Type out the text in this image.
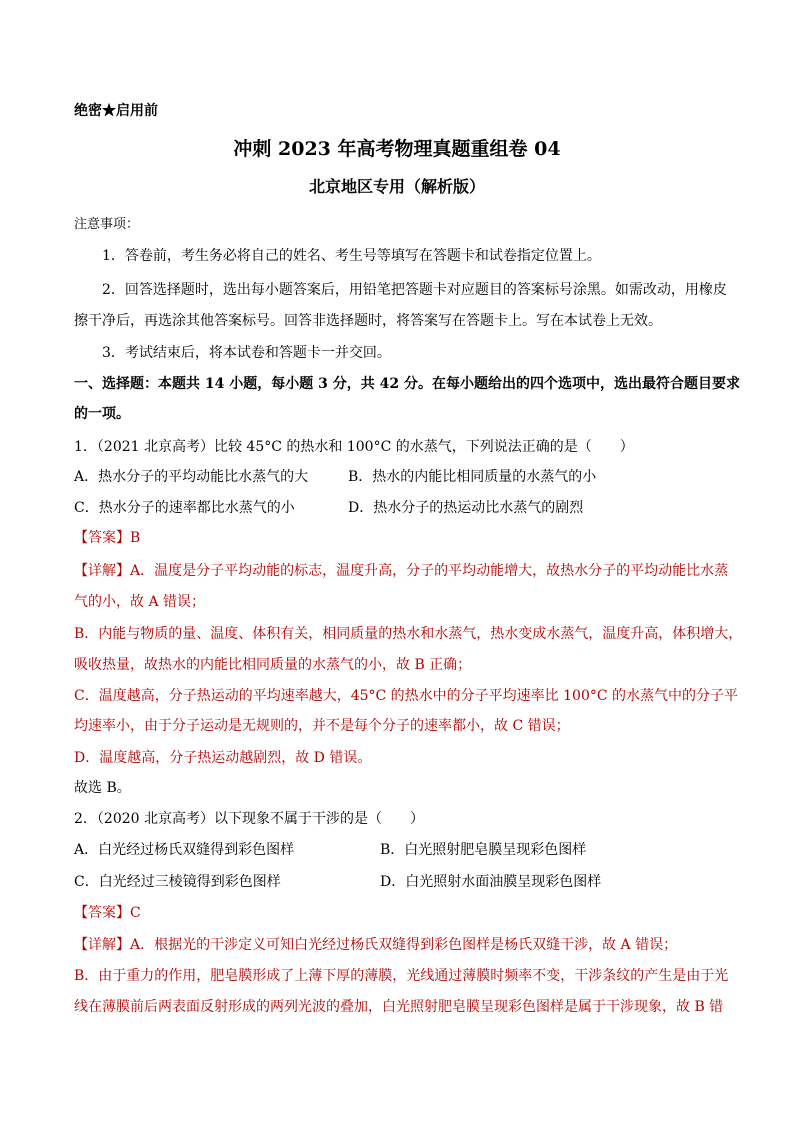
绝密★启用前
冲刺 2023 年高考物理真题重组卷 04
北京地区专用（解析版）
注意事项：
1．答卷前，考生务必将自己的姓名、考生号等填写在答题卡和试卷指定位置上。
2．回答选择题时，选出每小题答案后，用铅笔把答题卡对应题目的答案标号涂黑。如需改动，用橡皮
擦干净后，再选涂其他答案标号。回答非选择题时，将答案写在答题卡上。写在本试卷上无效。
3．考试结束后，将本试卷和答题卡一并交回。
一、选择题：本题共 14 小题，每小题 3 分，共 42 分。在每小题给出的四个选项中，选出最符合题目要求
的一项。
1．（2021 北京高考）比较 45°C 的热水和 100°C 的水蒸气，下列说法正确的是（　　）
A．热水分子的平均动能比水蒸气的大	B．热水的内能比相同质量的水蒸气的小
C．热水分子的速率都比水蒸气的小	D．热水分子的热运动比水蒸气的剧烈
【答案】B
【详解】A．温度是分子平均动能的标志，温度升高，分子的平均动能增大，故热水分子的平均动能比水蒸
气的小，故 A 错误；
B．内能与物质的量、温度、体积有关，相同质量的热水和水蒸气，热水变成水蒸气，温度升高，体积增大，
吸收热量，故热水的内能比相同质量的水蒸气的小，故 B 正确；
C．温度越高，分子热运动的平均速率越大，45°C 的热水中的分子平均速率比 100°C 的水蒸气中的分子平
均速率小，由于分子运动是无规则的，并不是每个分子的速率都小，故 C 错误；
D．温度越高，分子热运动越剧烈，故 D 错误。
故选 B。
2．（2020 北京高考）以下现象不属于干涉的是（　　）
A．白光经过杨氏双缝得到彩色图样	B．白光照射肥皂膜呈现彩色图样
C．白光经过三棱镜得到彩色图样	D．白光照射水面油膜呈现彩色图样
【答案】C
【详解】A．根据光的干涉定义可知白光经过杨氏双缝得到彩色图样是杨氏双缝干涉，故 A 错误；
B．由于重力的作用，肥皂膜形成了上薄下厚的薄膜，光线通过薄膜时频率不变，干涉条纹的产生是由于光
线在薄膜前后两表面反射形成的两列光波的叠加，白光照射肥皂膜呈现彩色图样是属于干涉现象，故 B 错
